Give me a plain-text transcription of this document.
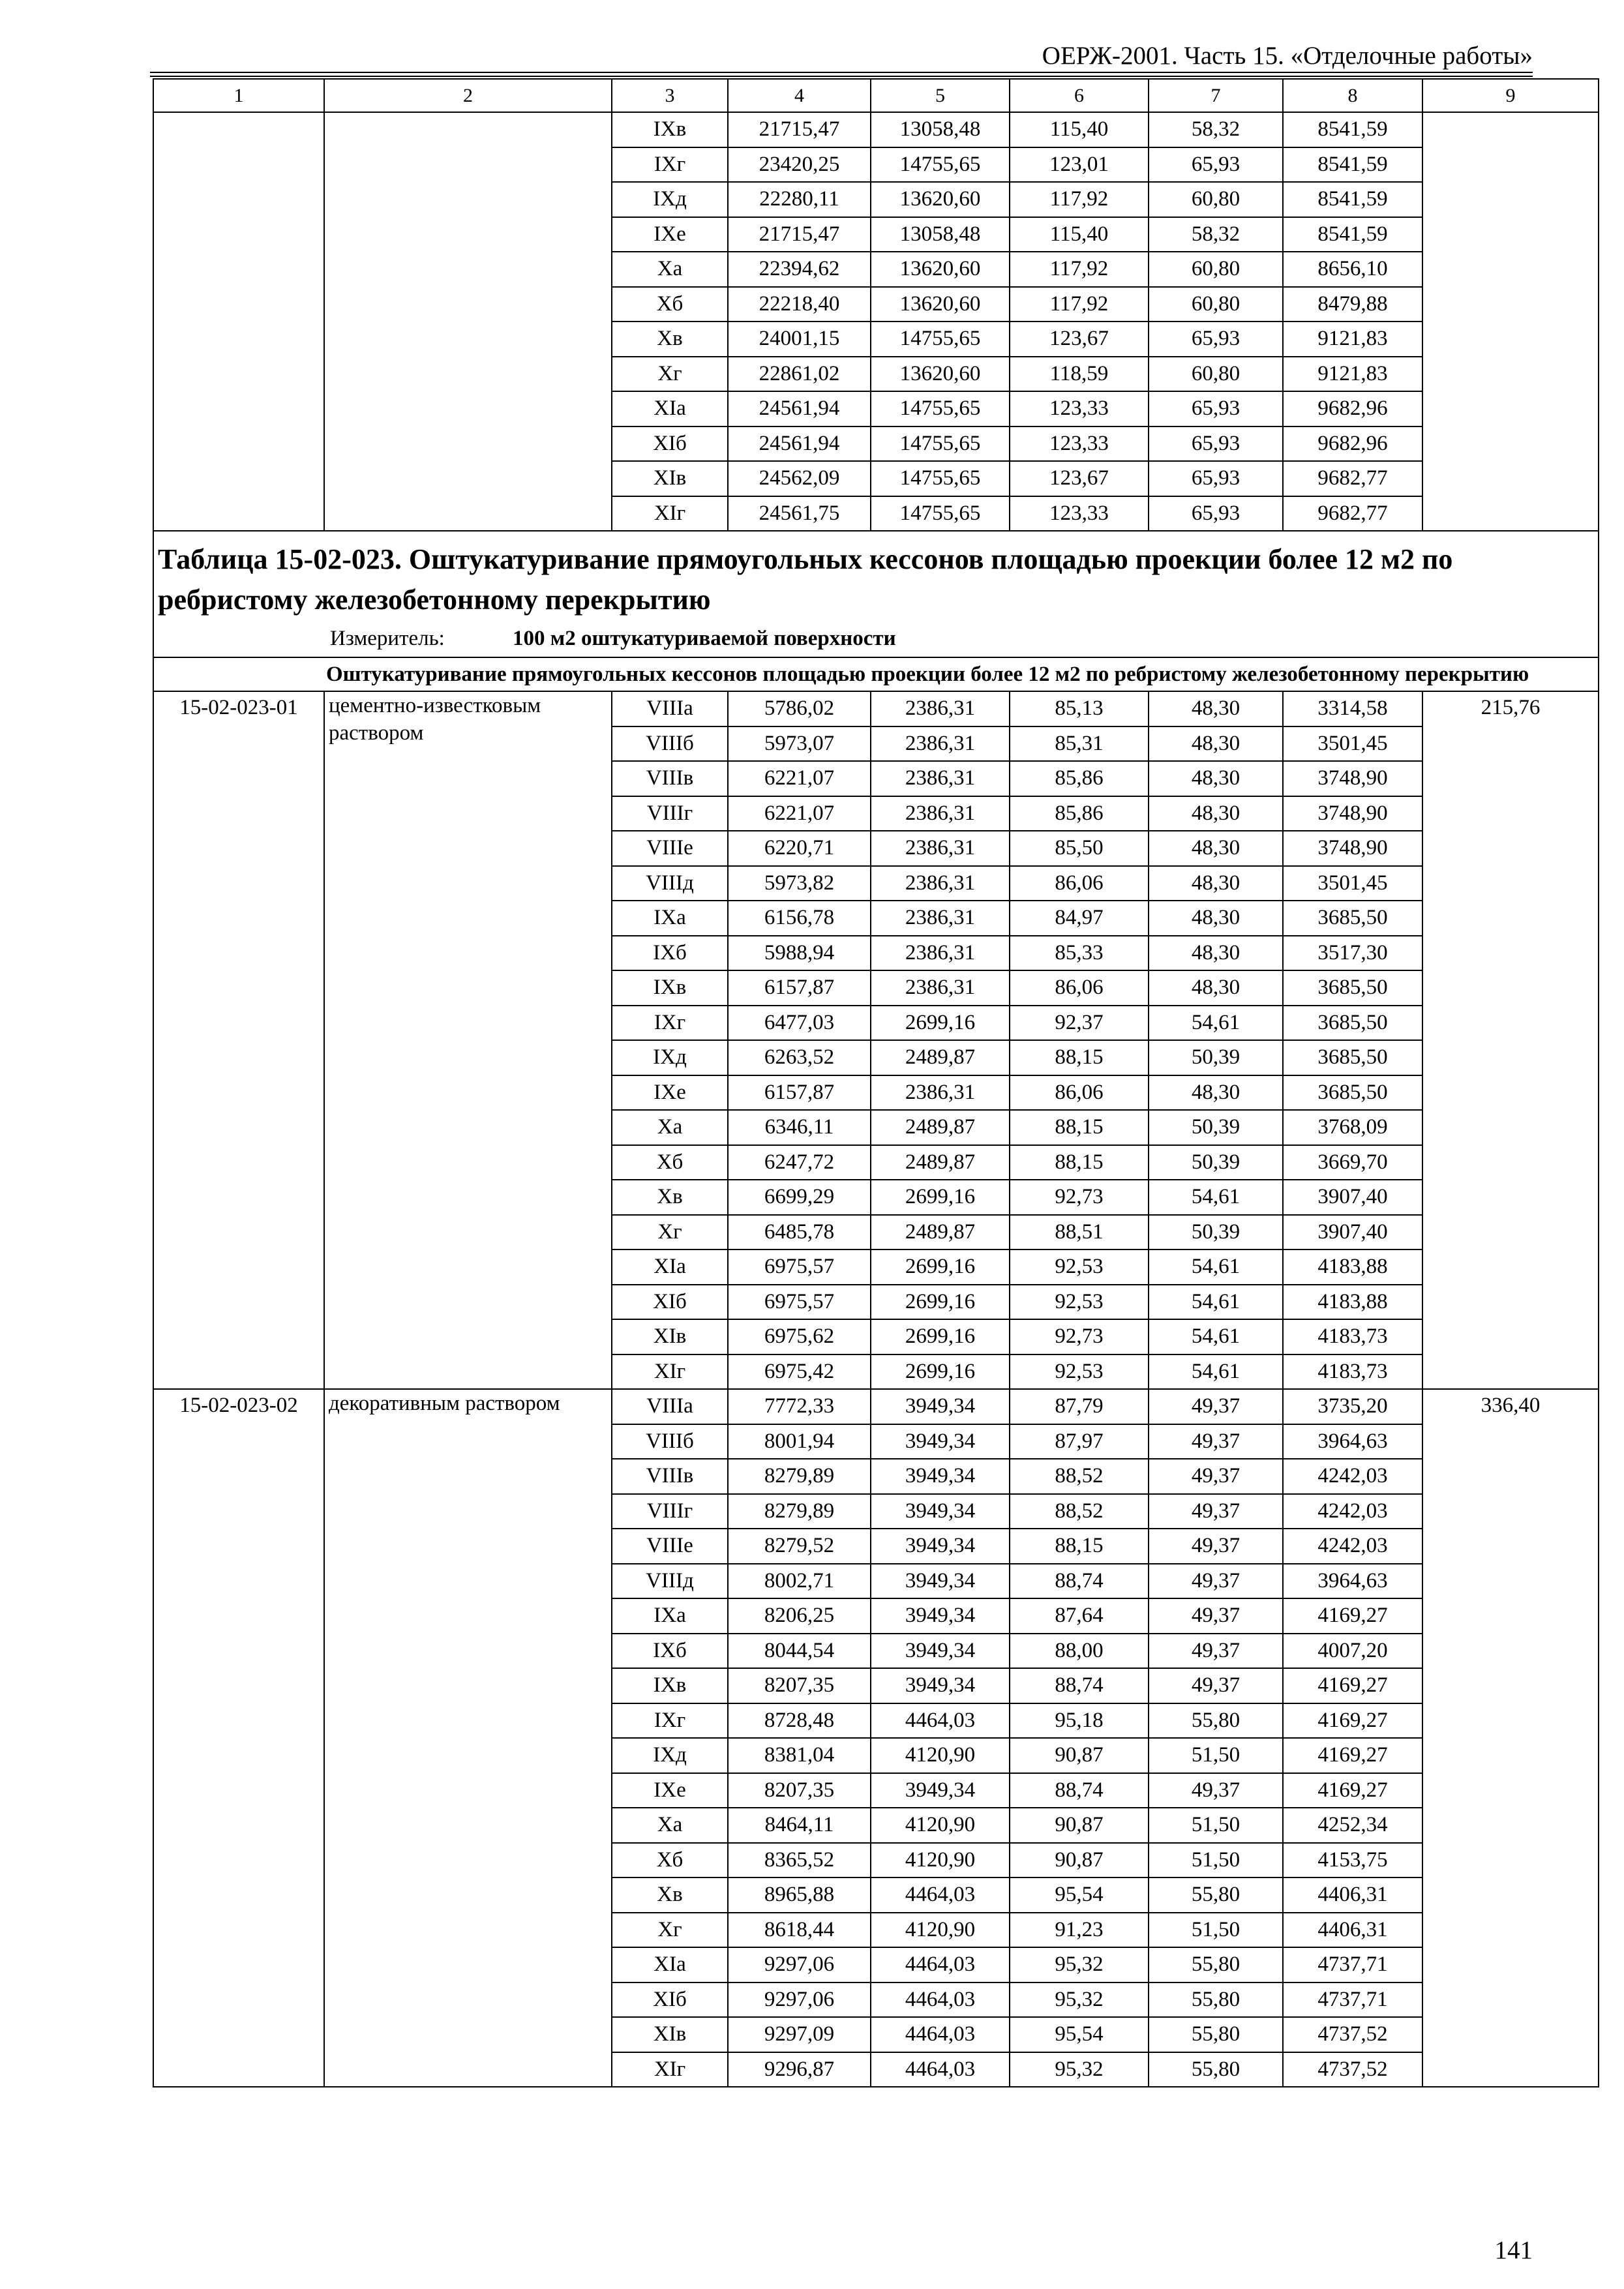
ОЕРЖ-2001. Часть 15. «Отделочные работы»
1	2	3	4	5	6	7	8	9
		IXв	21715,47	13058,48	115,40	58,32	8541,59	
		IXг	23420,25	14755,65	123,01	65,93	8541,59	
		IXд	22280,11	13620,60	117,92	60,80	8541,59	
		IXе	21715,47	13058,48	115,40	58,32	8541,59	
		Xа	22394,62	13620,60	117,92	60,80	8656,10	
		Xб	22218,40	13620,60	117,92	60,80	8479,88	
		Xв	24001,15	14755,65	123,67	65,93	9121,83	
		Xг	22861,02	13620,60	118,59	60,80	9121,83	
		XIа	24561,94	14755,65	123,33	65,93	9682,96	
		XIб	24561,94	14755,65	123,33	65,93	9682,96	
		XIв	24562,09	14755,65	123,67	65,93	9682,77	
		XIг	24561,75	14755,65	123,33	65,93	9682,77	

Таблица 15-02-023. Оштукатуривание прямоугольных кессонов площадью проекции более 12 м2 по ребристому железобетонному перекрытию
Измеритель: 100 м2 оштукатуриваемой поверхности								

Оштукатуривание прямоугольных кессонов площадью проекции более 12 м2 по ребристому железобетонному перекрытию								
15-02-023-01	цементно-известковым раствором	VIIIа	5786,02	2386,31	85,13	48,30	3314,58	215,76
		VIIIб	5973,07	2386,31	85,31	48,30	3501,45	
		VIIIв	6221,07	2386,31	85,86	48,30	3748,90	
		VIIIг	6221,07	2386,31	85,86	48,30	3748,90	
		VIIIе	6220,71	2386,31	85,50	48,30	3748,90	
		VIIIд	5973,82	2386,31	86,06	48,30	3501,45	
		IXа	6156,78	2386,31	84,97	48,30	3685,50	
		IXб	5988,94	2386,31	85,33	48,30	3517,30	
		IXв	6157,87	2386,31	86,06	48,30	3685,50	
		IXг	6477,03	2699,16	92,37	54,61	3685,50	
		IXд	6263,52	2489,87	88,15	50,39	3685,50	
		IXе	6157,87	2386,31	86,06	48,30	3685,50	
		Xа	6346,11	2489,87	88,15	50,39	3768,09	
		Xб	6247,72	2489,87	88,15	50,39	3669,70	
		Xв	6699,29	2699,16	92,73	54,61	3907,40	
		Xг	6485,78	2489,87	88,51	50,39	3907,40	
		XIа	6975,57	2699,16	92,53	54,61	4183,88	
		XIб	6975,57	2699,16	92,53	54,61	4183,88	
		XIв	6975,62	2699,16	92,73	54,61	4183,73	
		XIг	6975,42	2699,16	92,53	54,61	4183,73	
15-02-023-02	декоративным раствором	VIIIа	7772,33	3949,34	87,79	49,37	3735,20	336,40
		VIIIб	8001,94	3949,34	87,97	49,37	3964,63	
		VIIIв	8279,89	3949,34	88,52	49,37	4242,03	
		VIIIг	8279,89	3949,34	88,52	49,37	4242,03	
		VIIIе	8279,52	3949,34	88,15	49,37	4242,03	
		VIIIд	8002,71	3949,34	88,74	49,37	3964,63	
		IXа	8206,25	3949,34	87,64	49,37	4169,27	
		IXб	8044,54	3949,34	88,00	49,37	4007,20	
		IXв	8207,35	3949,34	88,74	49,37	4169,27	
		IXг	8728,48	4464,03	95,18	55,80	4169,27	
		IXд	8381,04	4120,90	90,87	51,50	4169,27	
		IXе	8207,35	3949,34	88,74	49,37	4169,27	
		Xа	8464,11	4120,90	90,87	51,50	4252,34	
		Xб	8365,52	4120,90	90,87	51,50	4153,75	
		Xв	8965,88	4464,03	95,54	55,80	4406,31	
		Xг	8618,44	4120,90	91,23	51,50	4406,31	
		XIа	9297,06	4464,03	95,32	55,80	4737,71	
		XIб	9297,06	4464,03	95,32	55,80	4737,71	
		XIв	9297,09	4464,03	95,54	55,80	4737,52	
		XIг	9296,87	4464,03	95,32	55,80	4737,52	
141
